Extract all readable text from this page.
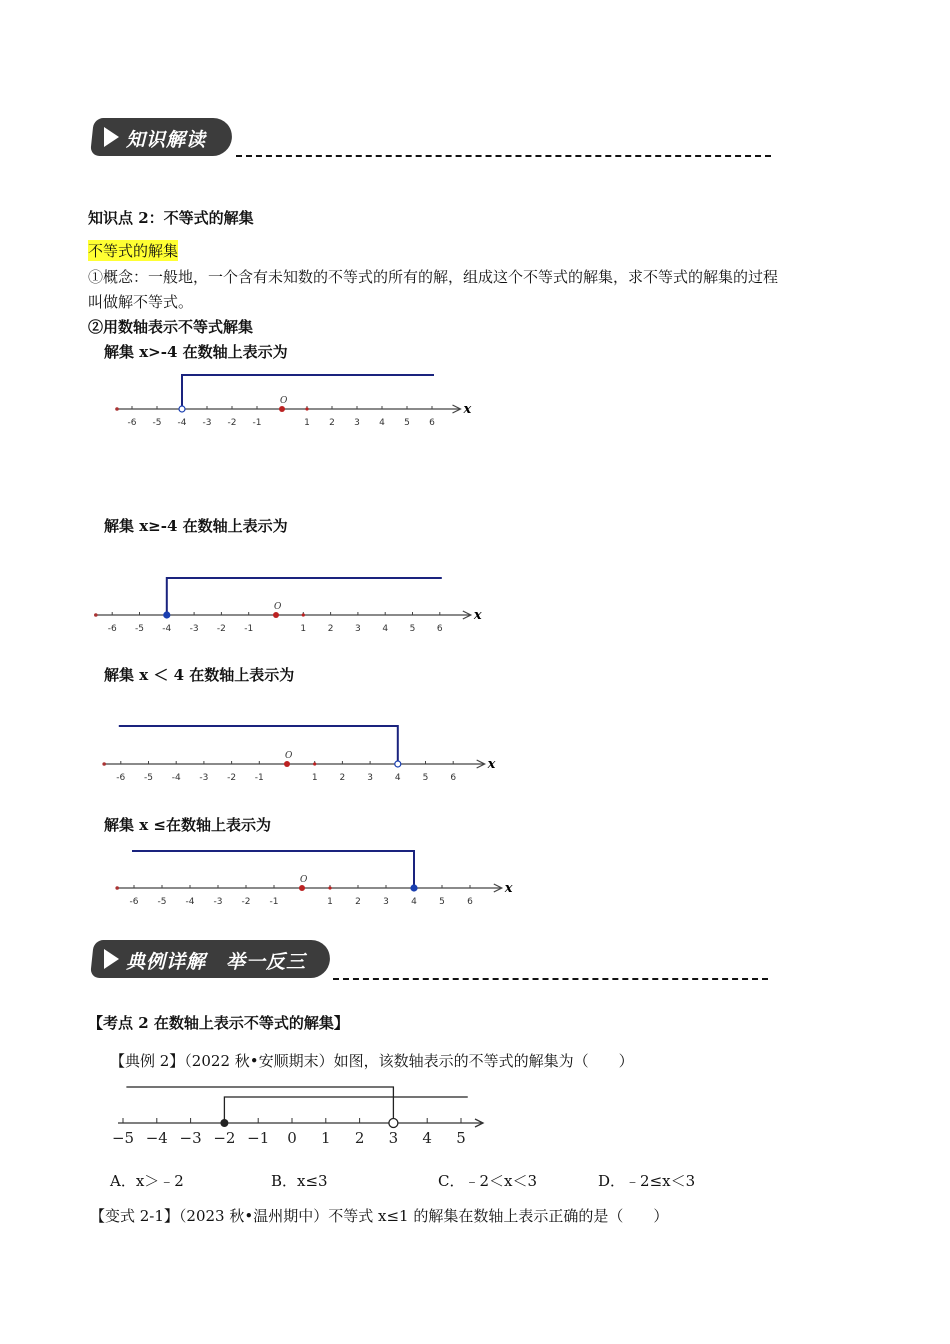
知识解读
知识点 2：不等式的解集
不等式的解集
①概念：一般地，一个含有未知数的不等式的所有的解，组成这个不等式的解集，求不等式的解集的过程
叫做解不等式。
②用数轴表示不等式解集
解集 x>-4 在数轴上表示为
解集 x≥-4 在数轴上表示为
解集 x ＜ 4 在数轴上表示为
解集 x ≤在数轴上表示为
x
-6 -5 -4 -3 -2 -1	1 2 3 4 5 6
O
x
-6 -5 -4 -3 -2 -1	1 2 3 4 5 6
O
x
-6 -5 -4 -3 -2 -1	1 2 3 4 5 6
O
x
-6 -5 -4 -3 -2 -1	1 2 3 4 5 6
O
典例详解　举一反三
【考点 2 在数轴上表示不等式的解集】
【典例 2】（2022 秋•安顺期末）如图，该数轴表示的不等式的解集为（　　）
−5 −4 −3 −2 −1 0 1 2 3 4 5
A．x＞﹣2	B．x≤3	C．﹣2＜x＜3	D．﹣2≤x＜3
【变式 2-1】（2023 秋•温州期中）不等式 x≤1 的解集在数轴上表示正确的是（　　）
